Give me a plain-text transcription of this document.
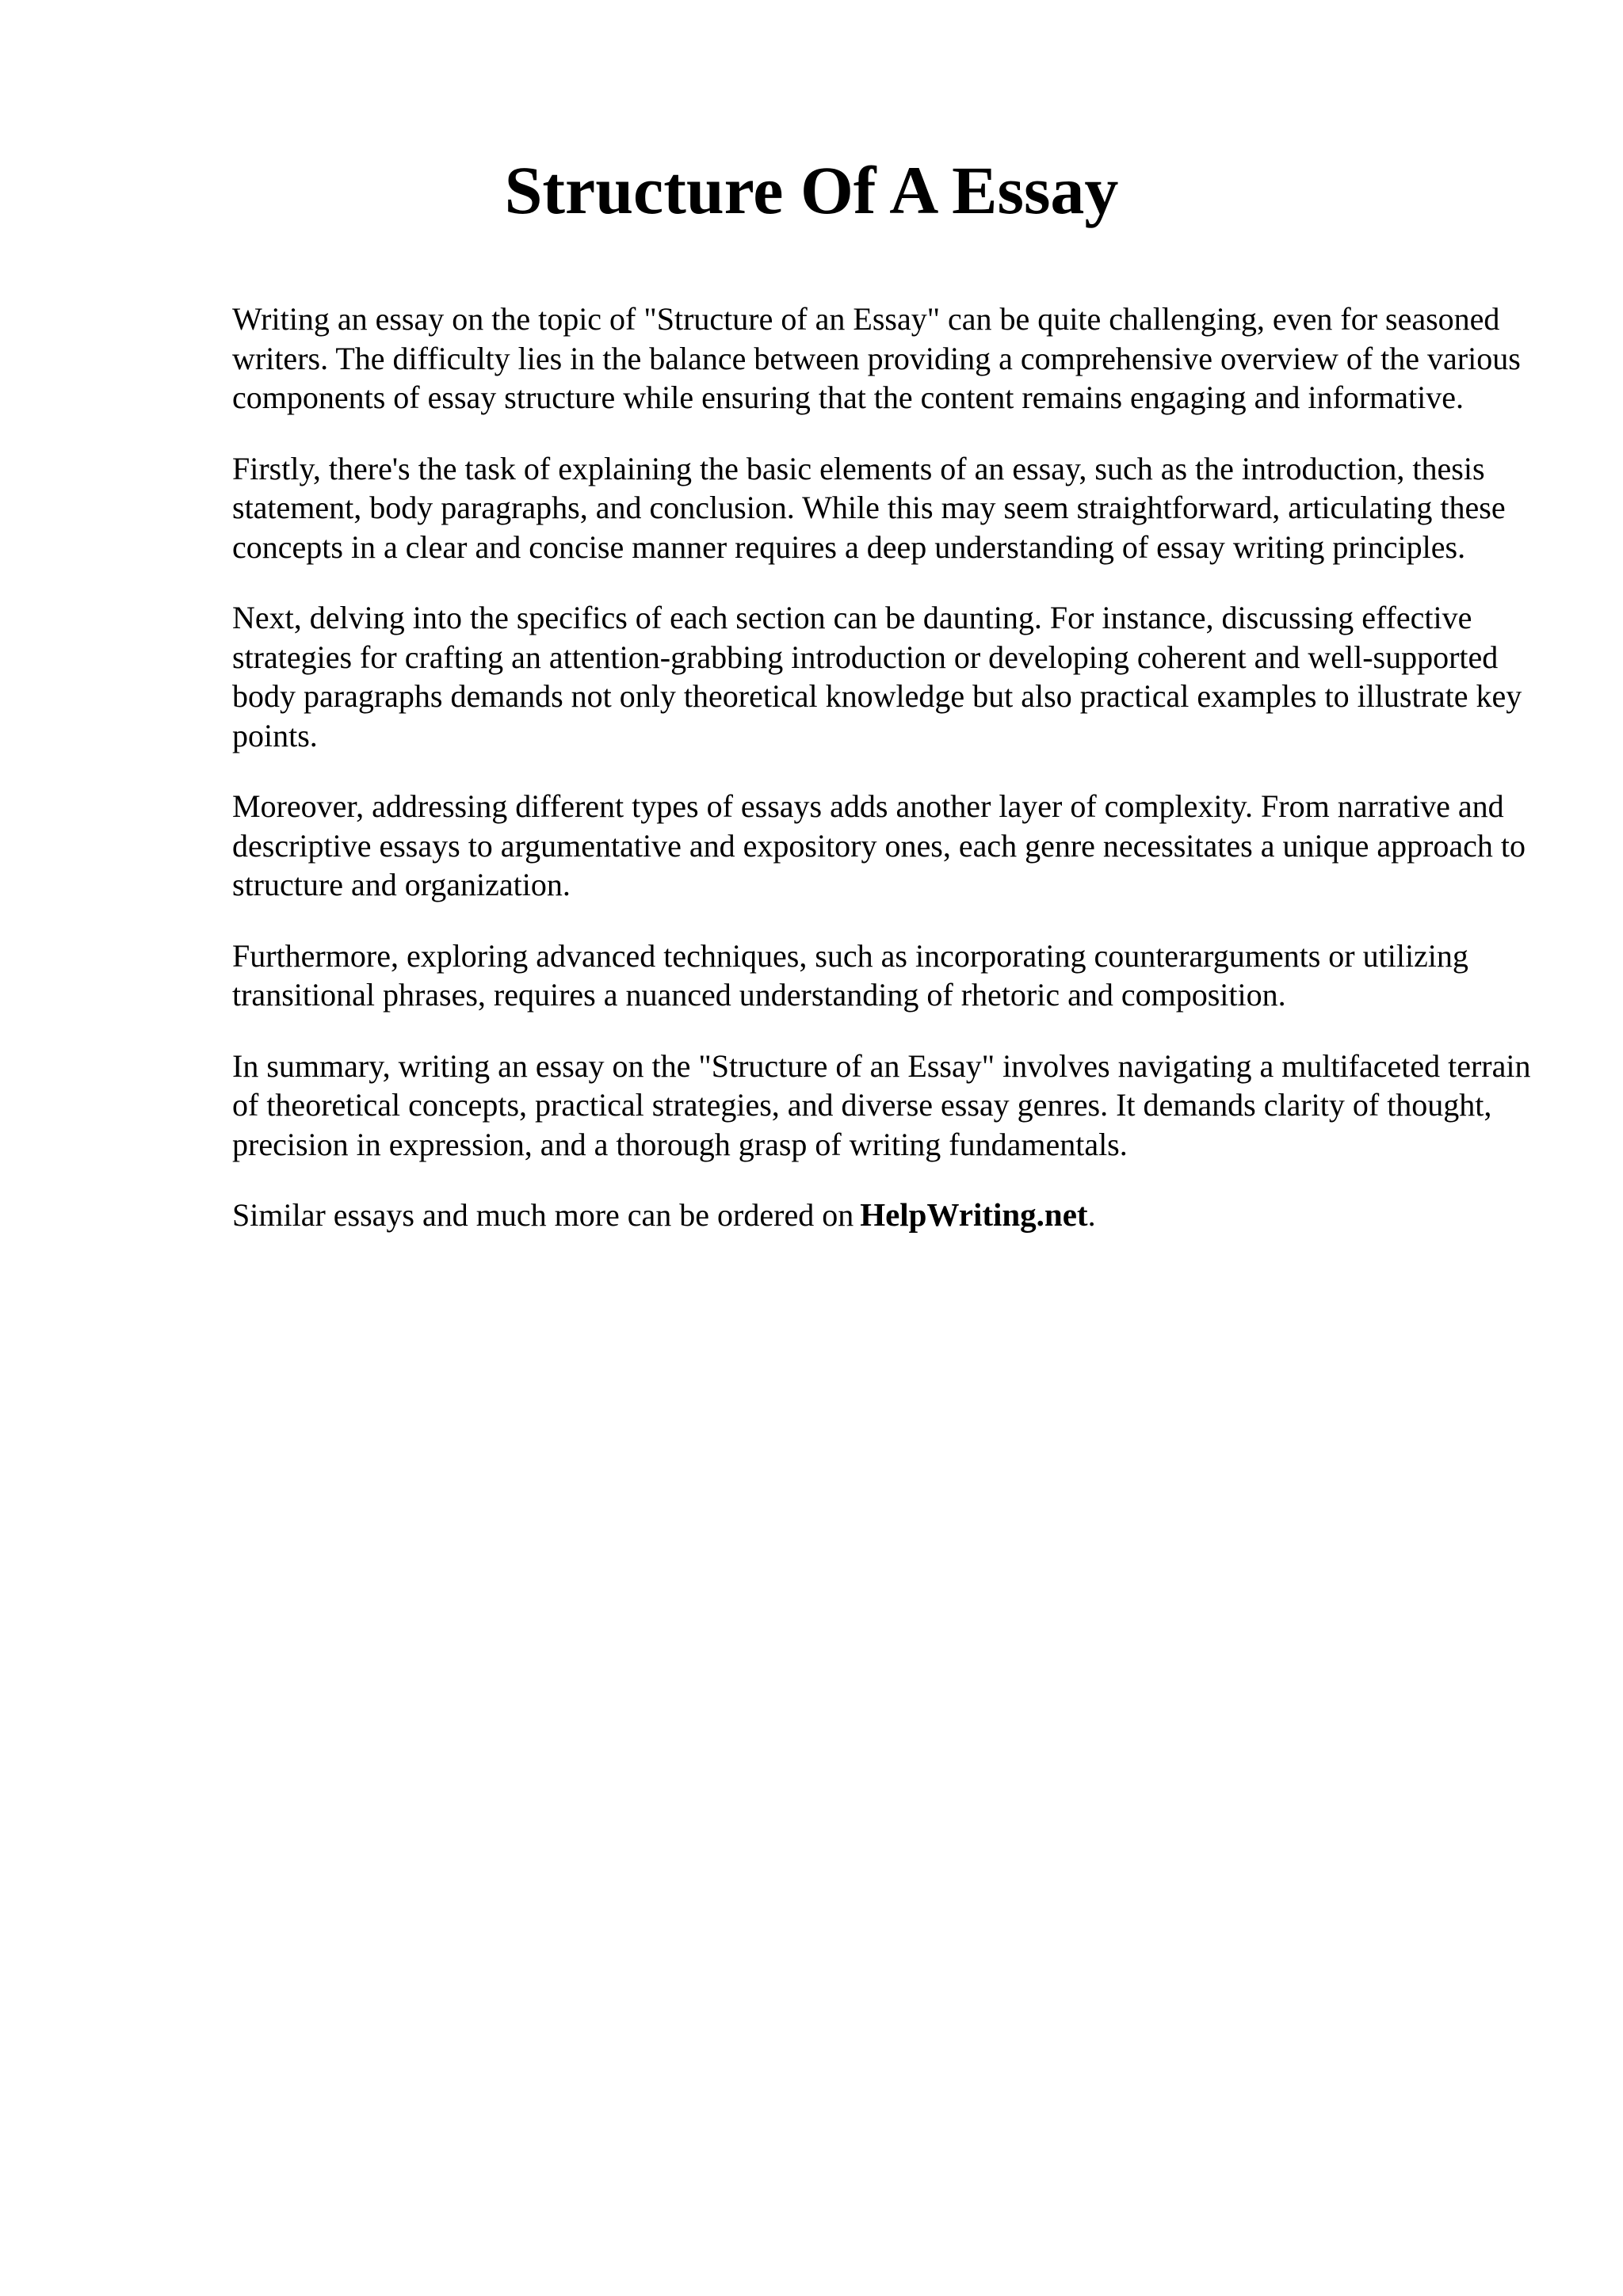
Structure Of A Essay

Writing an essay on the topic of "Structure of an Essay" can be quite challenging, even for seasoned writers. The difficulty lies in the balance between providing a comprehensive overview of the various components of essay structure while ensuring that the content remains engaging and informative.

Firstly, there's the task of explaining the basic elements of an essay, such as the introduction, thesis statement, body paragraphs, and conclusion. While this may seem straightforward, articulating these concepts in a clear and concise manner requires a deep understanding of essay writing principles.

Next, delving into the specifics of each section can be daunting. For instance, discussing effective strategies for crafting an attention-grabbing introduction or developing coherent and well-supported body paragraphs demands not only theoretical knowledge but also practical examples to illustrate key points.

Moreover, addressing different types of essays adds another layer of complexity. From narrative and descriptive essays to argumentative and expository ones, each genre necessitates a unique approach to structure and organization.

Furthermore, exploring advanced techniques, such as incorporating counterarguments or utilizing transitional phrases, requires a nuanced understanding of rhetoric and composition.

In summary, writing an essay on the "Structure of an Essay" involves navigating a multifaceted terrain of theoretical concepts, practical strategies, and diverse essay genres. It demands clarity of thought, precision in expression, and a thorough grasp of writing fundamentals.

Similar essays and much more can be ordered on HelpWriting.net.
